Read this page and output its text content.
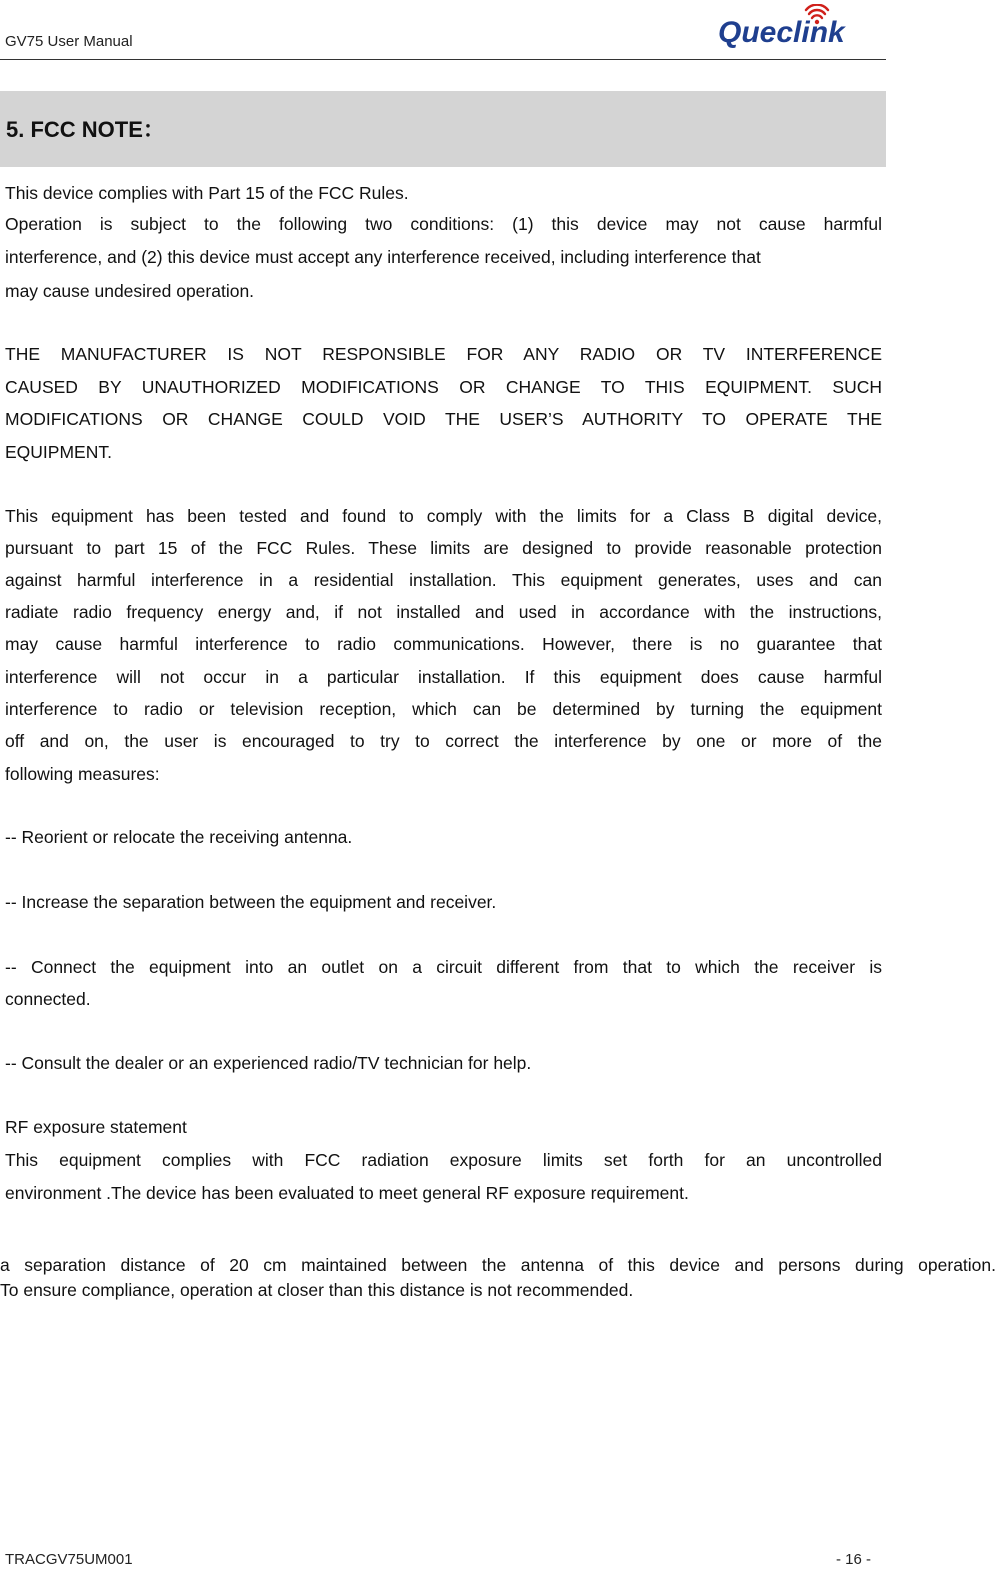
GV75 User Manual	Queclink
5. FCC NOTE：
This device complies with Part 15 of the FCC Rules.
Operation is subject to the following two conditions: (1) this device may not cause harmful
interference, and (2) this device must accept any interference received, including interference that
may cause undesired operation.
THE MANUFACTURER IS NOT RESPONSIBLE FOR ANY RADIO OR TV INTERFERENCE
CAUSED BY UNAUTHORIZED MODIFICATIONS OR CHANGE TO THIS EQUIPMENT. SUCH
MODIFICATIONS OR CHANGE COULD VOID THE USER’S AUTHORITY TO OPERATE THE
EQUIPMENT.
This equipment has been tested and found to comply with the limits for a Class B digital device,
pursuant to part 15 of the FCC Rules. These limits are designed to provide reasonable protection
against harmful interference in a residential installation. This equipment generates, uses and can
radiate radio frequency energy and, if not installed and used in accordance with the instructions,
may cause harmful interference to radio communications. However, there is no guarantee that
interference will not occur in a particular installation. If this equipment does cause harmful
interference to radio or television reception, which can be determined by turning the equipment
off and on, the user is encouraged to try to correct the interference by one or more of the
following measures:
-- Reorient or relocate the receiving antenna.
-- Increase the separation between the equipment and receiver.
-- Connect the equipment into an outlet on a circuit different from that to which the receiver is
connected.
-- Consult the dealer or an experienced radio/TV technician for help.
RF exposure statement
This equipment complies with FCC radiation exposure limits set forth for an uncontrolled
environment .The device has been evaluated to meet general RF exposure requirement.
a separation distance of 20 cm maintained between the antenna of this device and persons during operation.
To ensure compliance, operation at closer than this distance is not recommended.
TRACGV75UM001	- 16 -
